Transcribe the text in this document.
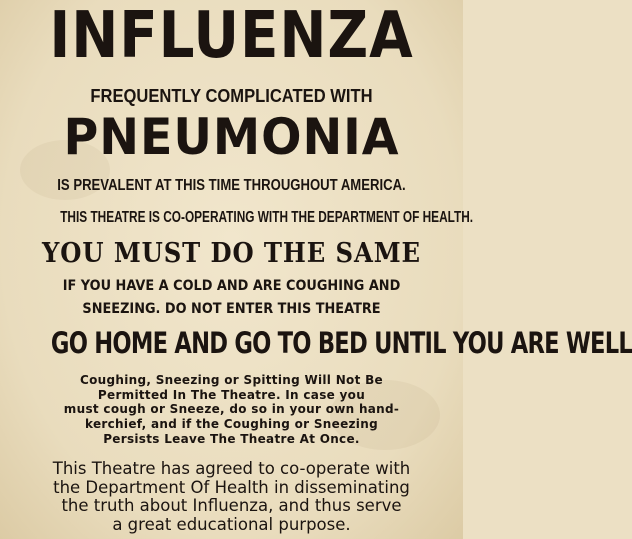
INFLUENZA
FREQUENTLY COMPLICATED WITH
PNEUMONIA
IS PREVALENT AT THIS TIME THROUGHOUT AMERICA.
THIS THEATRE IS CO-OPERATING WITH THE DEPARTMENT OF HEALTH.
YOU MUST DO THE SAME
IF YOU HAVE A COLD AND ARE COUGHING AND
SNEEZING. DO NOT ENTER THIS THEATRE
GO HOME AND GO TO BED UNTIL YOU ARE WELL
Coughing, Sneezing or Spitting Will Not Be
Permitted In The Theatre. In case you
must cough or Sneeze, do so in your own hand-
kerchief, and if the Coughing or Sneezing
Persists Leave The Theatre At Once.
This Theatre has agreed to co-operate with
the Department Of Health in disseminating
the truth about Influenza, and thus serve
a great educational purpose.
